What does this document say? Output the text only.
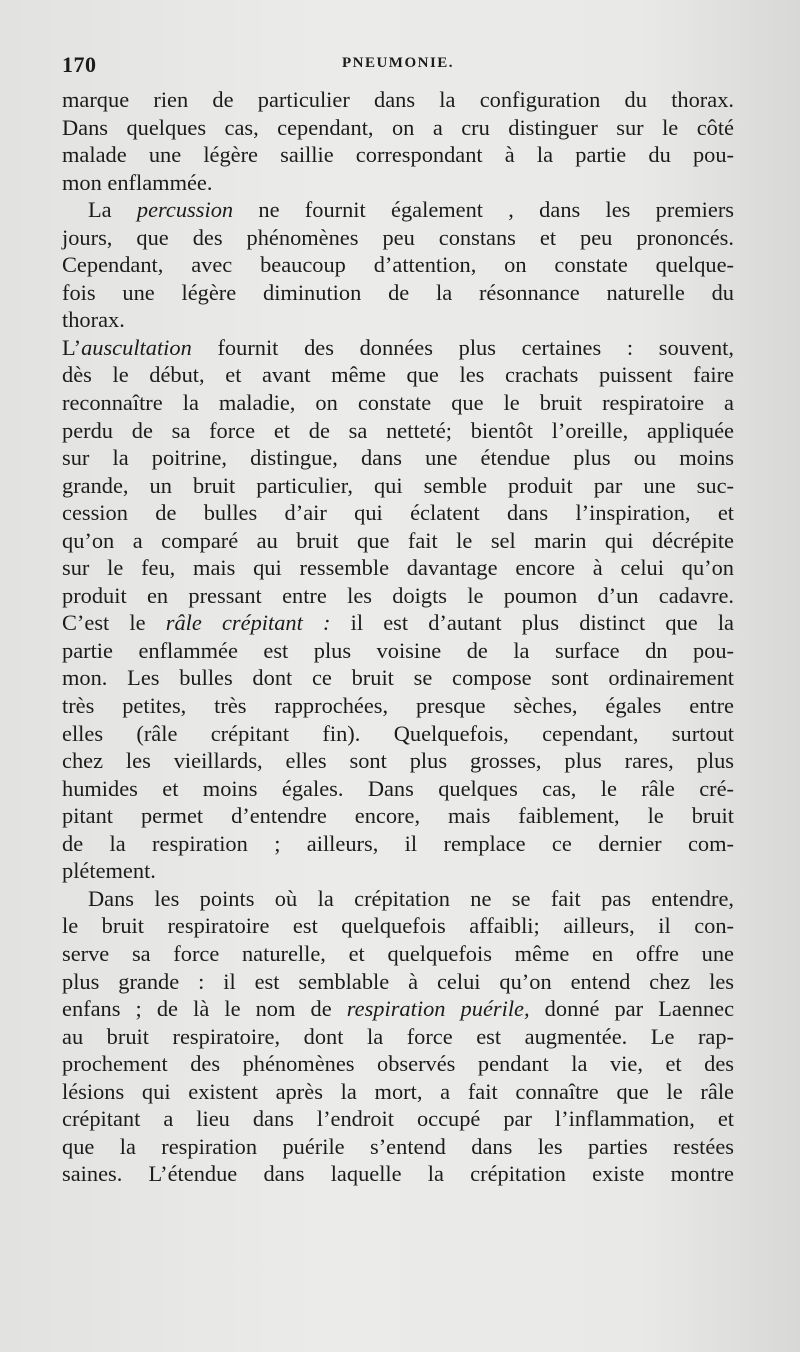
170	PNEUMONIE.
marque rien de particulier dans la configuration du thorax.
Dans quelques cas, cependant, on a cru distinguer sur le côté
malade une légère saillie correspondant à la partie du pou-
mon enflammée.
La percussion ne fournit également , dans les premiers
jours, que des phénomènes peu constans et peu prononcés.
Cependant, avec beaucoup d’attention, on constate quelque-
fois une légère diminution de la résonnance naturelle du
thorax.
L’auscultation fournit des données plus certaines : souvent,
dès le début, et avant même que les crachats puissent faire
reconnaître la maladie, on constate que le bruit respiratoire a
perdu de sa force et de sa netteté; bientôt l’oreille, appliquée
sur la poitrine, distingue, dans une étendue plus ou moins
grande, un bruit particulier, qui semble produit par une suc-
cession de bulles d’air qui éclatent dans l’inspiration, et
qu’on a comparé au bruit que fait le sel marin qui décrépite
sur le feu, mais qui ressemble davantage encore à celui qu’on
produit en pressant entre les doigts le poumon d’un cadavre.
C’est le râle crépitant : il est d’autant plus distinct que la
partie enflammée est plus voisine de la surface dn pou-
mon. Les bulles dont ce bruit se compose sont ordinairement
très petites, très rapprochées, presque sèches, égales entre
elles (râle crépitant fin). Quelquefois, cependant, surtout
chez les vieillards, elles sont plus grosses, plus rares, plus
humides et moins égales. Dans quelques cas, le râle cré-
pitant permet d’entendre encore, mais faiblement, le bruit
de la respiration ; ailleurs, il remplace ce dernier com-
plétement.
Dans les points où la crépitation ne se fait pas entendre,
le bruit respiratoire est quelquefois affaibli; ailleurs, il con-
serve sa force naturelle, et quelquefois même en offre une
plus grande : il est semblable à celui qu’on entend chez les
enfans ; de là le nom de respiration puérile, donné par Laennec
au bruit respiratoire, dont la force est augmentée. Le rap-
prochement des phénomènes observés pendant la vie, et des
lésions qui existent après la mort, a fait connaître que le râle
crépitant a lieu dans l’endroit occupé par l’inflammation, et
que la respiration puérile s’entend dans les parties restées
saines. L’étendue dans laquelle la crépitation existe montre
